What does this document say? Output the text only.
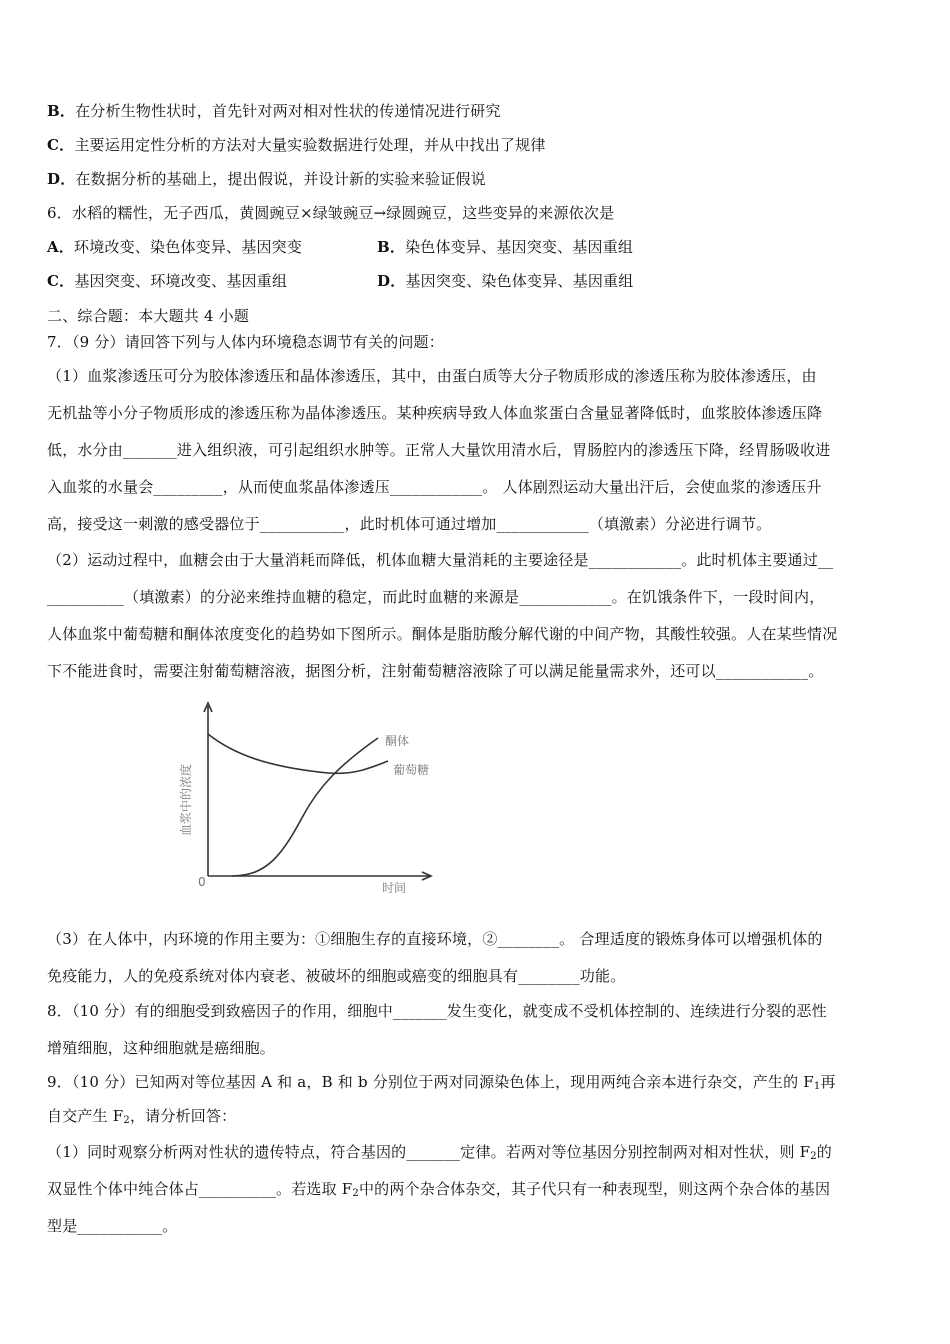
B．在分析生物性状时，首先针对两对相对性状的传递情况进行研究
C．主要运用定性分析的方法对大量实验数据进行处理，并从中找出了规律
D．在数据分析的基础上，提出假说，并设计新的实验来验证假说
6．水稻的糯性，无子西瓜，黄圆豌豆×绿皱豌豆→绿圆豌豆，这些变异的来源依次是
A．环境改变、染色体变异、基因突变	B．染色体变异、基因突变、基因重组
C．基因突变、环境改变、基因重组	D．基因突变、染色体变异、基因重组
二、综合题：本大题共 4 小题
7．（9 分）请回答下列与人体内环境稳态调节有关的问题：
（1）血浆渗透压可分为胶体渗透压和晶体渗透压，其中，由蛋白质等大分子物质形成的渗透压称为胶体渗透压，由
无机盐等小分子物质形成的渗透压称为晶体渗透压。某种疾病导致人体血浆蛋白含量显著降低时，血浆胶体渗透压降
低，水分由_______进入组织液，可引起组织水肿等。正常人大量饮用清水后，胃肠腔内的渗透压下降，经胃肠吸收进
入血浆的水量会_________，从而使血浆晶体渗透压____________。 人体剧烈运动大量出汗后，会使血浆的渗透压升
高，接受这一刺激的感受器位于___________，此时机体可通过增加____________（填激素）分泌进行调节。
（2）运动过程中，血糖会由于大量消耗而降低，机体血糖大量消耗的主要途径是____________。此时机体主要通过__
__________（填激素）的分泌来维持血糖的稳定，而此时血糖的来源是____________。在饥饿条件下，一段时间内，
人体血浆中葡萄糖和酮体浓度变化的趋势如下图所示。酮体是脂肪酸分解代谢的中间产物，其酸性较强。人在某些情况
下不能进食时，需要注射葡萄糖溶液，据图分析，注射葡萄糖溶液除了可以满足能量需求外，还可以____________。
酮体
葡萄糖
血浆中的浓度
时间
0
（3）在人体中，内环境的作用主要为：①细胞生存的直接环境，②________。 合理适度的锻炼身体可以增强机体的
免疫能力，人的免疫系统对体内衰老、被破坏的细胞或癌变的细胞具有________功能。
8．（10 分）有的细胞受到致癌因子的作用，细胞中_______发生变化，就变成不受机体控制的、连续进行分裂的恶性
增殖细胞，这种细胞就是癌细胞。
9．（10 分）已知两对等位基因 A 和 a，B 和 b 分别位于两对同源染色体上，现用两纯合亲本进行杂交，产生的 $F_1$再
自交产生 $F_2$，请分析回答：
（1）同时观察分析两对性状的遗传特点，符合基因的_______定律。若两对等位基因分别控制两对相对性状，则 $F_2$的
双显性个体中纯合体占__________。若选取 $F_2$中的两个杂合体杂交，其子代只有一种表现型，则这两个杂合体的基因
型是___________。
